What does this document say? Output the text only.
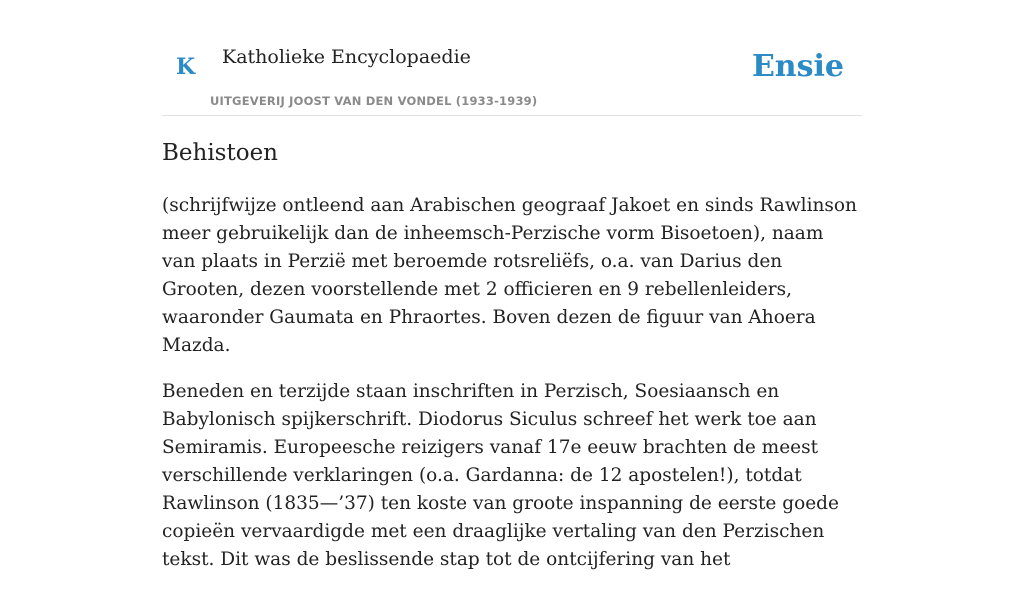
K Katholieke Encyclopaedie
UITGEVERIJ JOOST VAN DEN VONDEL (1933-1939)
Ensie
Behistoen

(schrijfwijze ontleend aan Arabischen geograaf Jakoet en sinds Rawlinson meer gebruikelijk dan de inheemsch-Perzische vorm Bisoetoen), naam van plaats in Perzië met beroemde rotsreliëfs, o.a. van Darius den Grooten, dezen voorstellende met 2 officieren en 9 rebellenleiders, waaronder Gaumata en Phraortes. Boven dezen de figuur van Ahoera Mazda.

Beneden en terzijde staan inschriften in Perzisch, Soesiaansch en Babylonisch spijkerschrift. Diodorus Siculus schreef het werk toe aan Semiramis. Europeesche reizigers vanaf 17e eeuw brachten de meest verschillende verklaringen (o.a. Gardanna: de 12 apostelen!), totdat Rawlinson (1835—’37) ten koste van groote inspanning de eerste goede copieën vervaardigde met een draaglijke vertaling van den Perzischen tekst. Dit was de beslissende stap tot de ontcijfering van het
